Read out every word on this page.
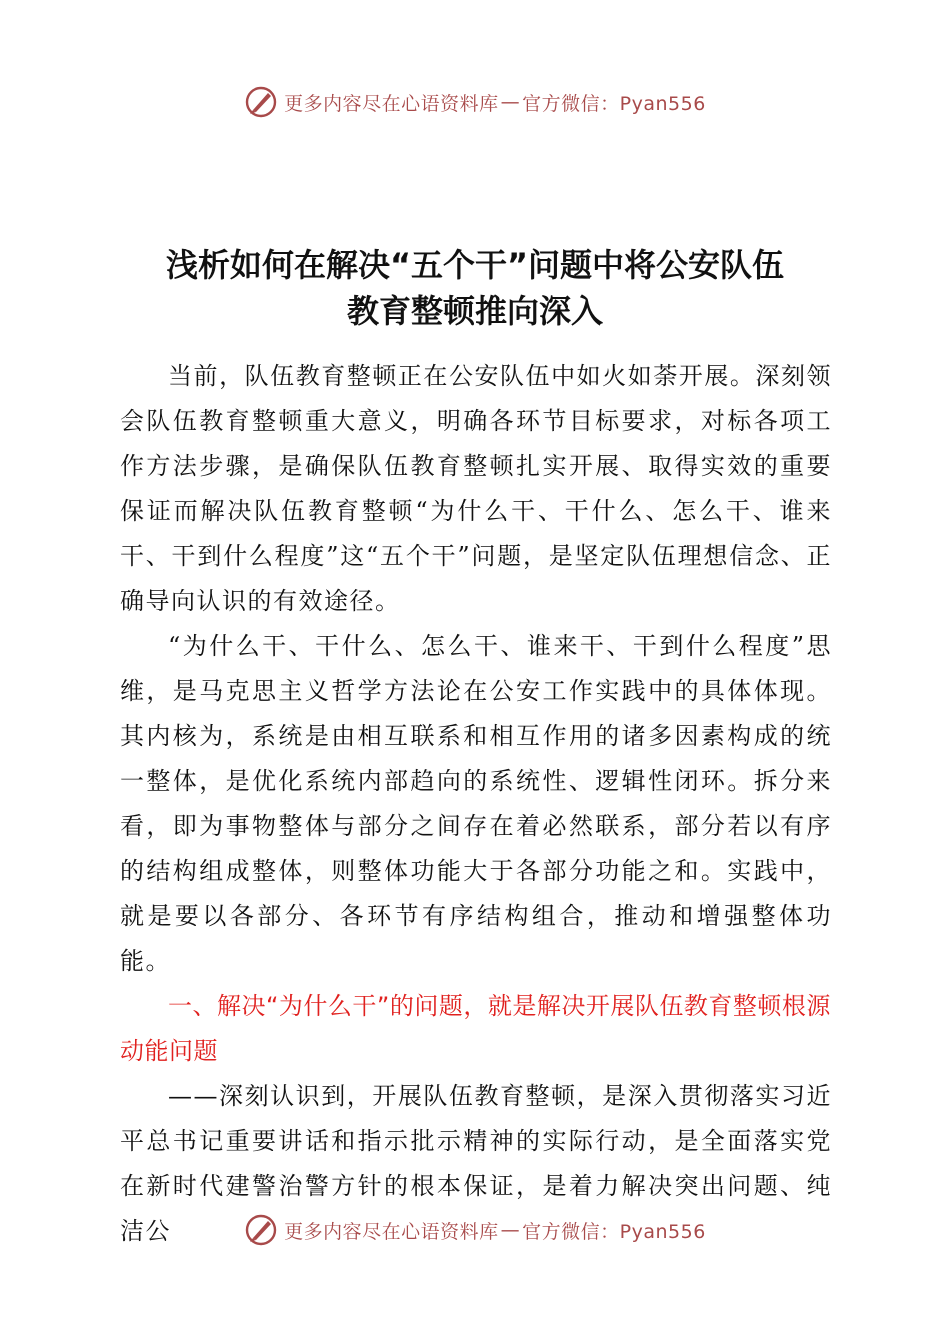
更多内容尽在心语资料库 — 官方微信：Pyan556
浅析如何在解决“五个干”问题中将公安队伍
教育整顿推向深入

当前，队伍教育整顿正在公安队伍中如火如荼开展。深刻领会队伍教育整顿重大意义，明确各环节目标要求，对标各项工作方法步骤，是确保队伍教育整顿扎实开展、取得实效的重要保证而解决队伍教育整顿“为什么干、干什么、怎么干、谁来干、干到什么程度”这“五个干”问题，是坚定队伍理想信念、正确导向认识的有效途径。

“为什么干、干什么、怎么干、谁来干、干到什么程度”思维，是马克思主义哲学方法论在公安工作实践中的具体体现。其内核为，系统是由相互联系和相互作用的诸多因素构成的统一整体，是优化系统内部趋向的系统性、逻辑性闭环。拆分来看，即为事物整体与部分之间存在着必然联系，部分若以有序的结构组成整体，则整体功能大于各部分功能之和。实践中，就是要以各部分、各环节有序结构组合，推动和增强整体功能。

一、解决“为什么干”的问题，就是解决开展队伍教育整顿根源动能问题

——深刻认识到，开展队伍教育整顿，是深入贯彻落实习近平总书记重要讲话和指示批示精神的实际行动，是全面落实党在新时代建警治警方针的根本保证，是着力解决突出问题、纯洁公	更多内容尽在心语资料库 — 官方微信：Pyan556
